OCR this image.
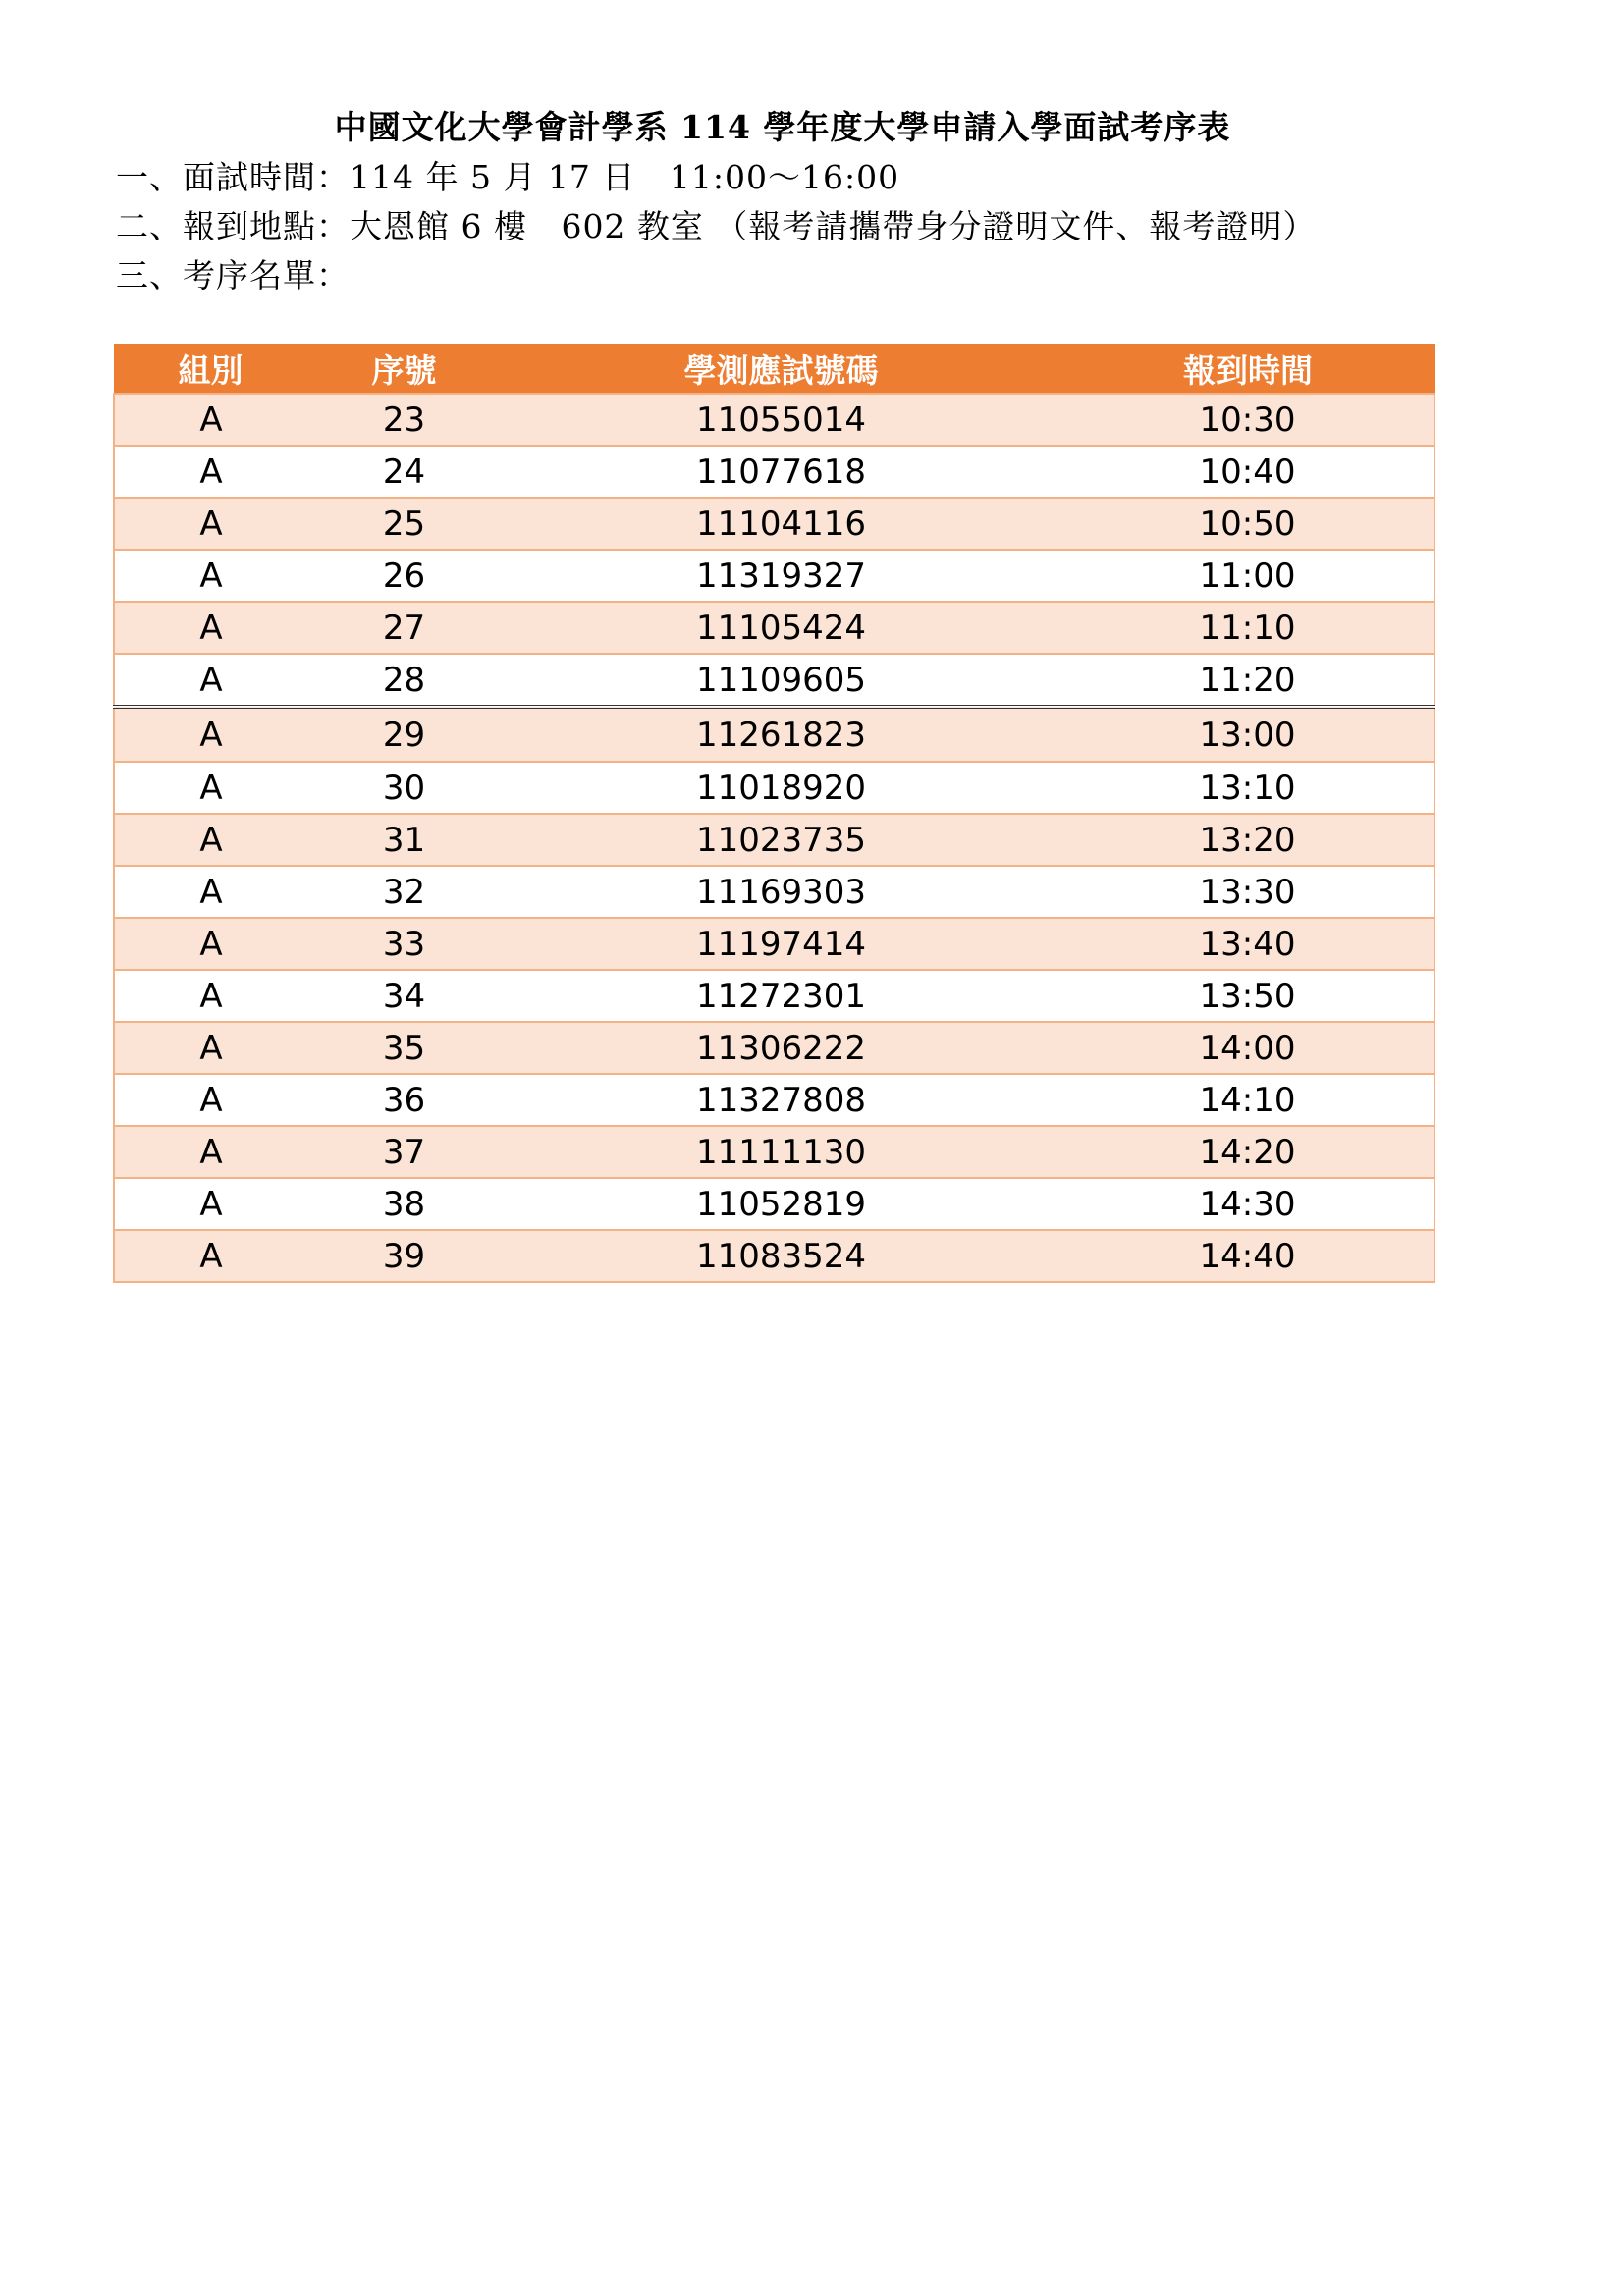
中國文化大學會計學系 114 學年度大學申請入學面試考序表
一、面試時間：114 年 5 月 17 日   11:00～16:00
二、報到地點：大恩館 6 樓   602 教室 （報考請攜帶身分證明文件、報考證明）
三、考序名單：
組別	序號	學測應試號碼	報到時間
A	23	11055014	10:30
A	24	11077618	10:40
A	25	11104116	10:50
A	26	11319327	11:00
A	27	11105424	11:10
A	28	11109605	11:20
A	29	11261823	13:00
A	30	11018920	13:10
A	31	11023735	13:20
A	32	11169303	13:30
A	33	11197414	13:40
A	34	11272301	13:50
A	35	11306222	14:00
A	36	11327808	14:10
A	37	11111130	14:20
A	38	11052819	14:30
A	39	11083524	14:40
